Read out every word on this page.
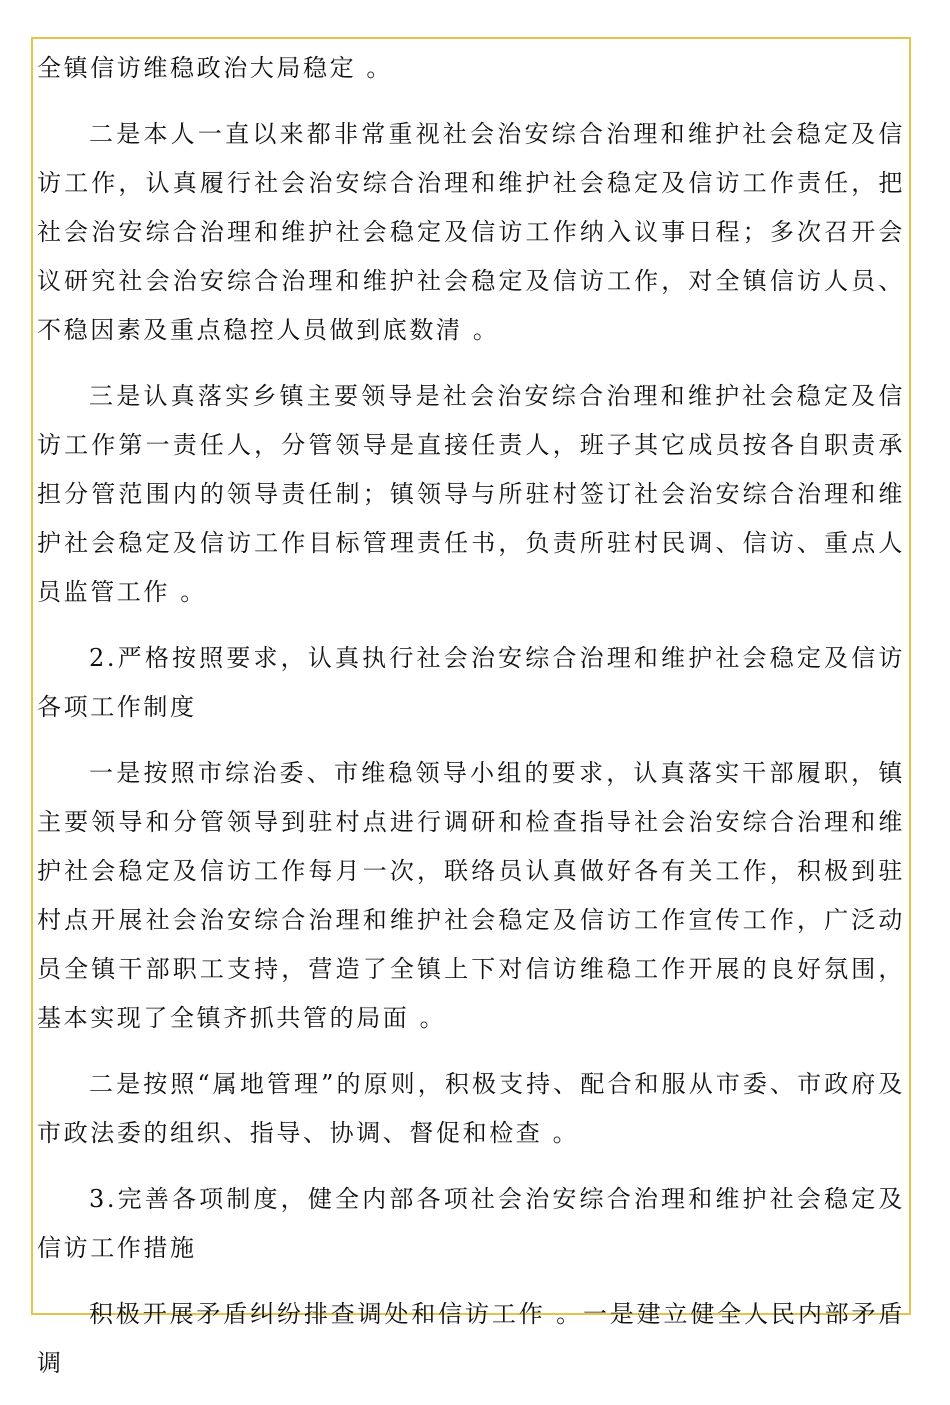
全镇信访维稳政治大局稳定 。

二是本人一直以来都非常重视社会治安综合治理和维护社会稳定及信访工作，认真履行社会治安综合治理和维护社会稳定及信访工作责任，把社会治安综合治理和维护社会稳定及信访工作纳入议事日程；多次召开会议研究社会治安综合治理和维护社会稳定及信访工作，对全镇信访人员、不稳因素及重点稳控人员做到底数清 。

三是认真落实乡镇主要领导是社会治安综合治理和维护社会稳定及信访工作第一责任人，分管领导是直接任责人，班子其它成员按各自职责承担分管范围内的领导责任制；镇领导与所驻村签订社会治安综合治理和维护社会稳定及信访工作目标管理责任书，负责所驻村民调、信访、重点人员监管工作 。

2.严格按照要求，认真执行社会治安综合治理和维护社会稳定及信访各项工作制度

一是按照市综治委、市维稳领导小组的要求，认真落实干部履职，镇主要领导和分管领导到驻村点进行调研和检查指导社会治安综合治理和维护社会稳定及信访工作每月一次，联络员认真做好各有关工作，积极到驻村点开展社会治安综合治理和维护社会稳定及信访工作宣传工作，广泛动员全镇干部职工支持，营造了全镇上下对信访维稳工作开展的良好氛围，基本实现了全镇齐抓共管的局面 。

二是按照“属地管理”的原则，积极支持、配合和服从市委、市政府及市政法委的组织、指导、协调、督促和检查 。

3.完善各项制度，健全内部各项社会治安综合治理和维护社会稳定及信访工作措施

积极开展矛盾纠纷排查调处和信访工作 。一是建立健全人民内部矛盾调
